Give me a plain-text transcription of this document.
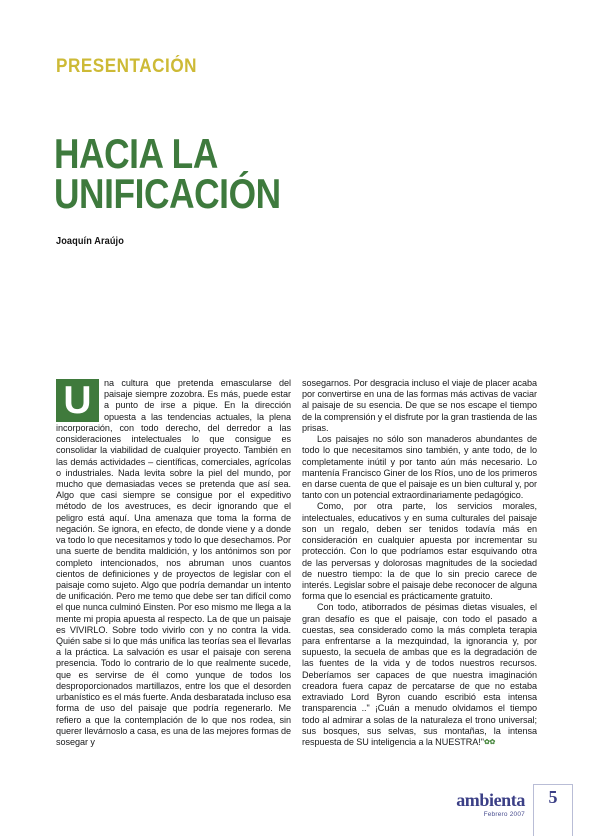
PRESENTACIÓN
HACIA LA
UNIFICACIÓN
Joaquín Araújo

U	na cultura que pretenda emascularse del paisaje siempre zozobra. Es más, puede estar a punto de irse a pique. En la dirección opuesta a las tendencias actuales, la plena incorporación, con todo derecho, del derredor a las consideraciones intelectuales lo que consigue es consolidar la viabilidad de cualquier proyecto. También en las demás actividades – científicas, comerciales, agrícolas o industriales. Nada levita sobre la piel del mundo, por mucho que demasiadas veces se pretenda que así sea. Algo que casi siempre se consigue por el expeditivo método de los avestruces, es decir ignorando que el peligro está aquí. Una amenaza que toma la forma de negación. Se ignora, en efecto, de donde viene y a donde va todo lo que necesitamos y todo lo que desechamos. Por una suerte de bendita maldición, y los antónimos son por completo intencionados, nos abruman unos cuantos cientos de definiciones y de proyectos de legislar con el paisaje como sujeto. Algo que podría demandar un intento de unificación. Pero me temo que debe ser tan difícil como el que nunca culminó Einsten. Por eso mismo me llega a la mente mi propia apuesta al respecto. La de que un paisaje es VIVIRLO. Sobre todo vivirlo con y no contra la vida. Quién sabe si lo que más unifica las teorías sea el llevarlas a la práctica. La salvación es usar el paisaje con serena presencia. Todo lo contrario de lo que realmente sucede, que es servirse de él como yunque de todos los desproporcionados martillazos, entre los que el desorden urbanístico es el más fuerte. Anda desbaratada incluso esa forma de uso del paisaje que podría regenerarlo. Me refiero a que la contemplación de lo que nos rodea, sin querer llevárnoslo a casa, es una de las mejores formas de sosegar y

sosegarnos. Por desgracia incluso el viaje de placer acaba por convertirse en una de las formas más activas de vaciar al paisaje de su esencia. De que se nos escape el tiempo de la comprensión y el disfrute por la gran trastienda de las prisas.

Los paisajes no sólo son manaderos abundantes de todo lo que necesitamos sino también, y ante todo, de lo completamente inútil y por tanto aún más necesario. Lo mantenía Francisco Giner de los Ríos, uno de los primeros en darse cuenta de que el paisaje es un bien cultural y, por tanto con un potencial extraordinariamente pedagógico.

Como, por otra parte, los servicios morales, intelectuales, educativos y en suma culturales del paisaje son un regalo, deben ser tenidos todavía más en consideración en cualquier apuesta por incrementar su protección. Con lo que podríamos estar esquivando otra de las perversas y dolorosas magnitudes de la sociedad de nuestro tiempo: la de que lo sin precio carece de interés. Legislar sobre el paisaje debe reconocer de alguna forma que lo esencial es prácticamente gratuito.

Con todo, atiborrados de pésimas dietas visuales, el gran desafío es que el paisaje, con todo el pasado a cuestas, sea considerado como la más completa terapia para enfrentarse a la mezquindad, la ignorancia y, por supuesto, la secuela de ambas que es la degradación de las fuentes de la vida y de todos nuestros recursos. Deberíamos ser capaces de que nuestra imaginación creadora fuera capaz de percatarse de que no estaba extraviado Lord Byron cuando escribió esta intensa transparencia .." ¡Cuán a menudo olvidamos el tiempo todo al admirar a solas de la naturaleza el trono universal; sus bosques, sus selvas, sus montañas, la intensa respuesta de SU inteligencia a la NUESTRA!"✿✿

ambienta
Febrero 2007
5
